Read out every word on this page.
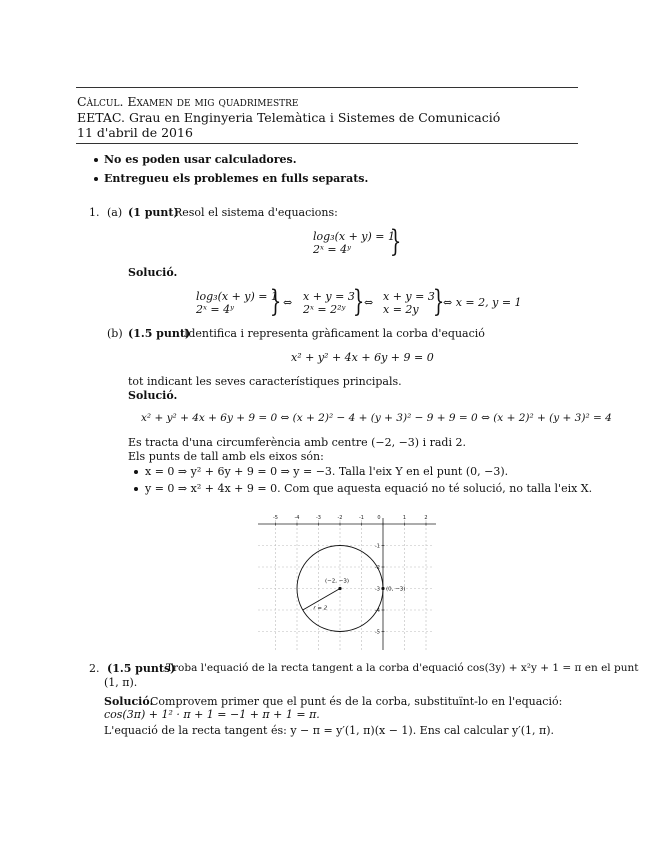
Càlcul. Examen de mig quadrimestre
EETAC. Grau en Enginyeria Telemàtica i Sistemes de Comunicació
11 d'abril de 2016
No es poden usar calculadores.
Entregueu els problemes en fulls separats.
1. (a) (1 punt)
Resol el sistema d'equacions:
log₃(x + y) = 1
2ˣ = 4ʸ }
Solució.
log₃(x + y) = 1
2ˣ = 4ʸ } ⇔ x + y = 3
2ˣ = 2²ʸ } ⇔ x + y = 3
x = 2y }
⇔ x = 2, y = 1
(b) (1.5 punt)
Identifica i representa gràficament la corba d'equació
x² + y² + 4x + 6y + 9 = 0
tot indicant les seves característiques principals.
Solució.
x² + y² + 4x + 6y + 9 = 0 ⇔ (x + 2)² − 4 + (y + 3)² − 9 + 9 = 0 ⇔ (x + 2)² + (y + 3)² = 4
Es tracta d'una circumferència amb centre (−2, −3) i radi 2.
Els punts de tall amb els eixos són:
x = 0 ⇒ y² + 6y + 9 = 0 ⇒ y = −3. Talla l'eix Y en el punt (0, −3).
y = 0 ⇒ x² + 4x + 9 = 0. Com que aquesta equació no té solució, no talla l'eix X.
-5	-4	-3	-2	-1	0	1	2
-1
-2
-3
-4
-5
r = 2
(−2, −3)
(0, −3)
2. (1.5 punts)
Troba l'equació de la recta tangent a la corba d'equació cos(3y) + x²y + 1 = π en el punt
(1, π).
Solució.
Comprovem primer que el punt és de la corba, substituïnt-lo en l'equació:
cos(3π) + 1² · π + 1 = −1 + π + 1 = π.
L'equació de la recta tangent és: y − π = y′(1, π)(x − 1). Ens cal calcular y′(1, π).
